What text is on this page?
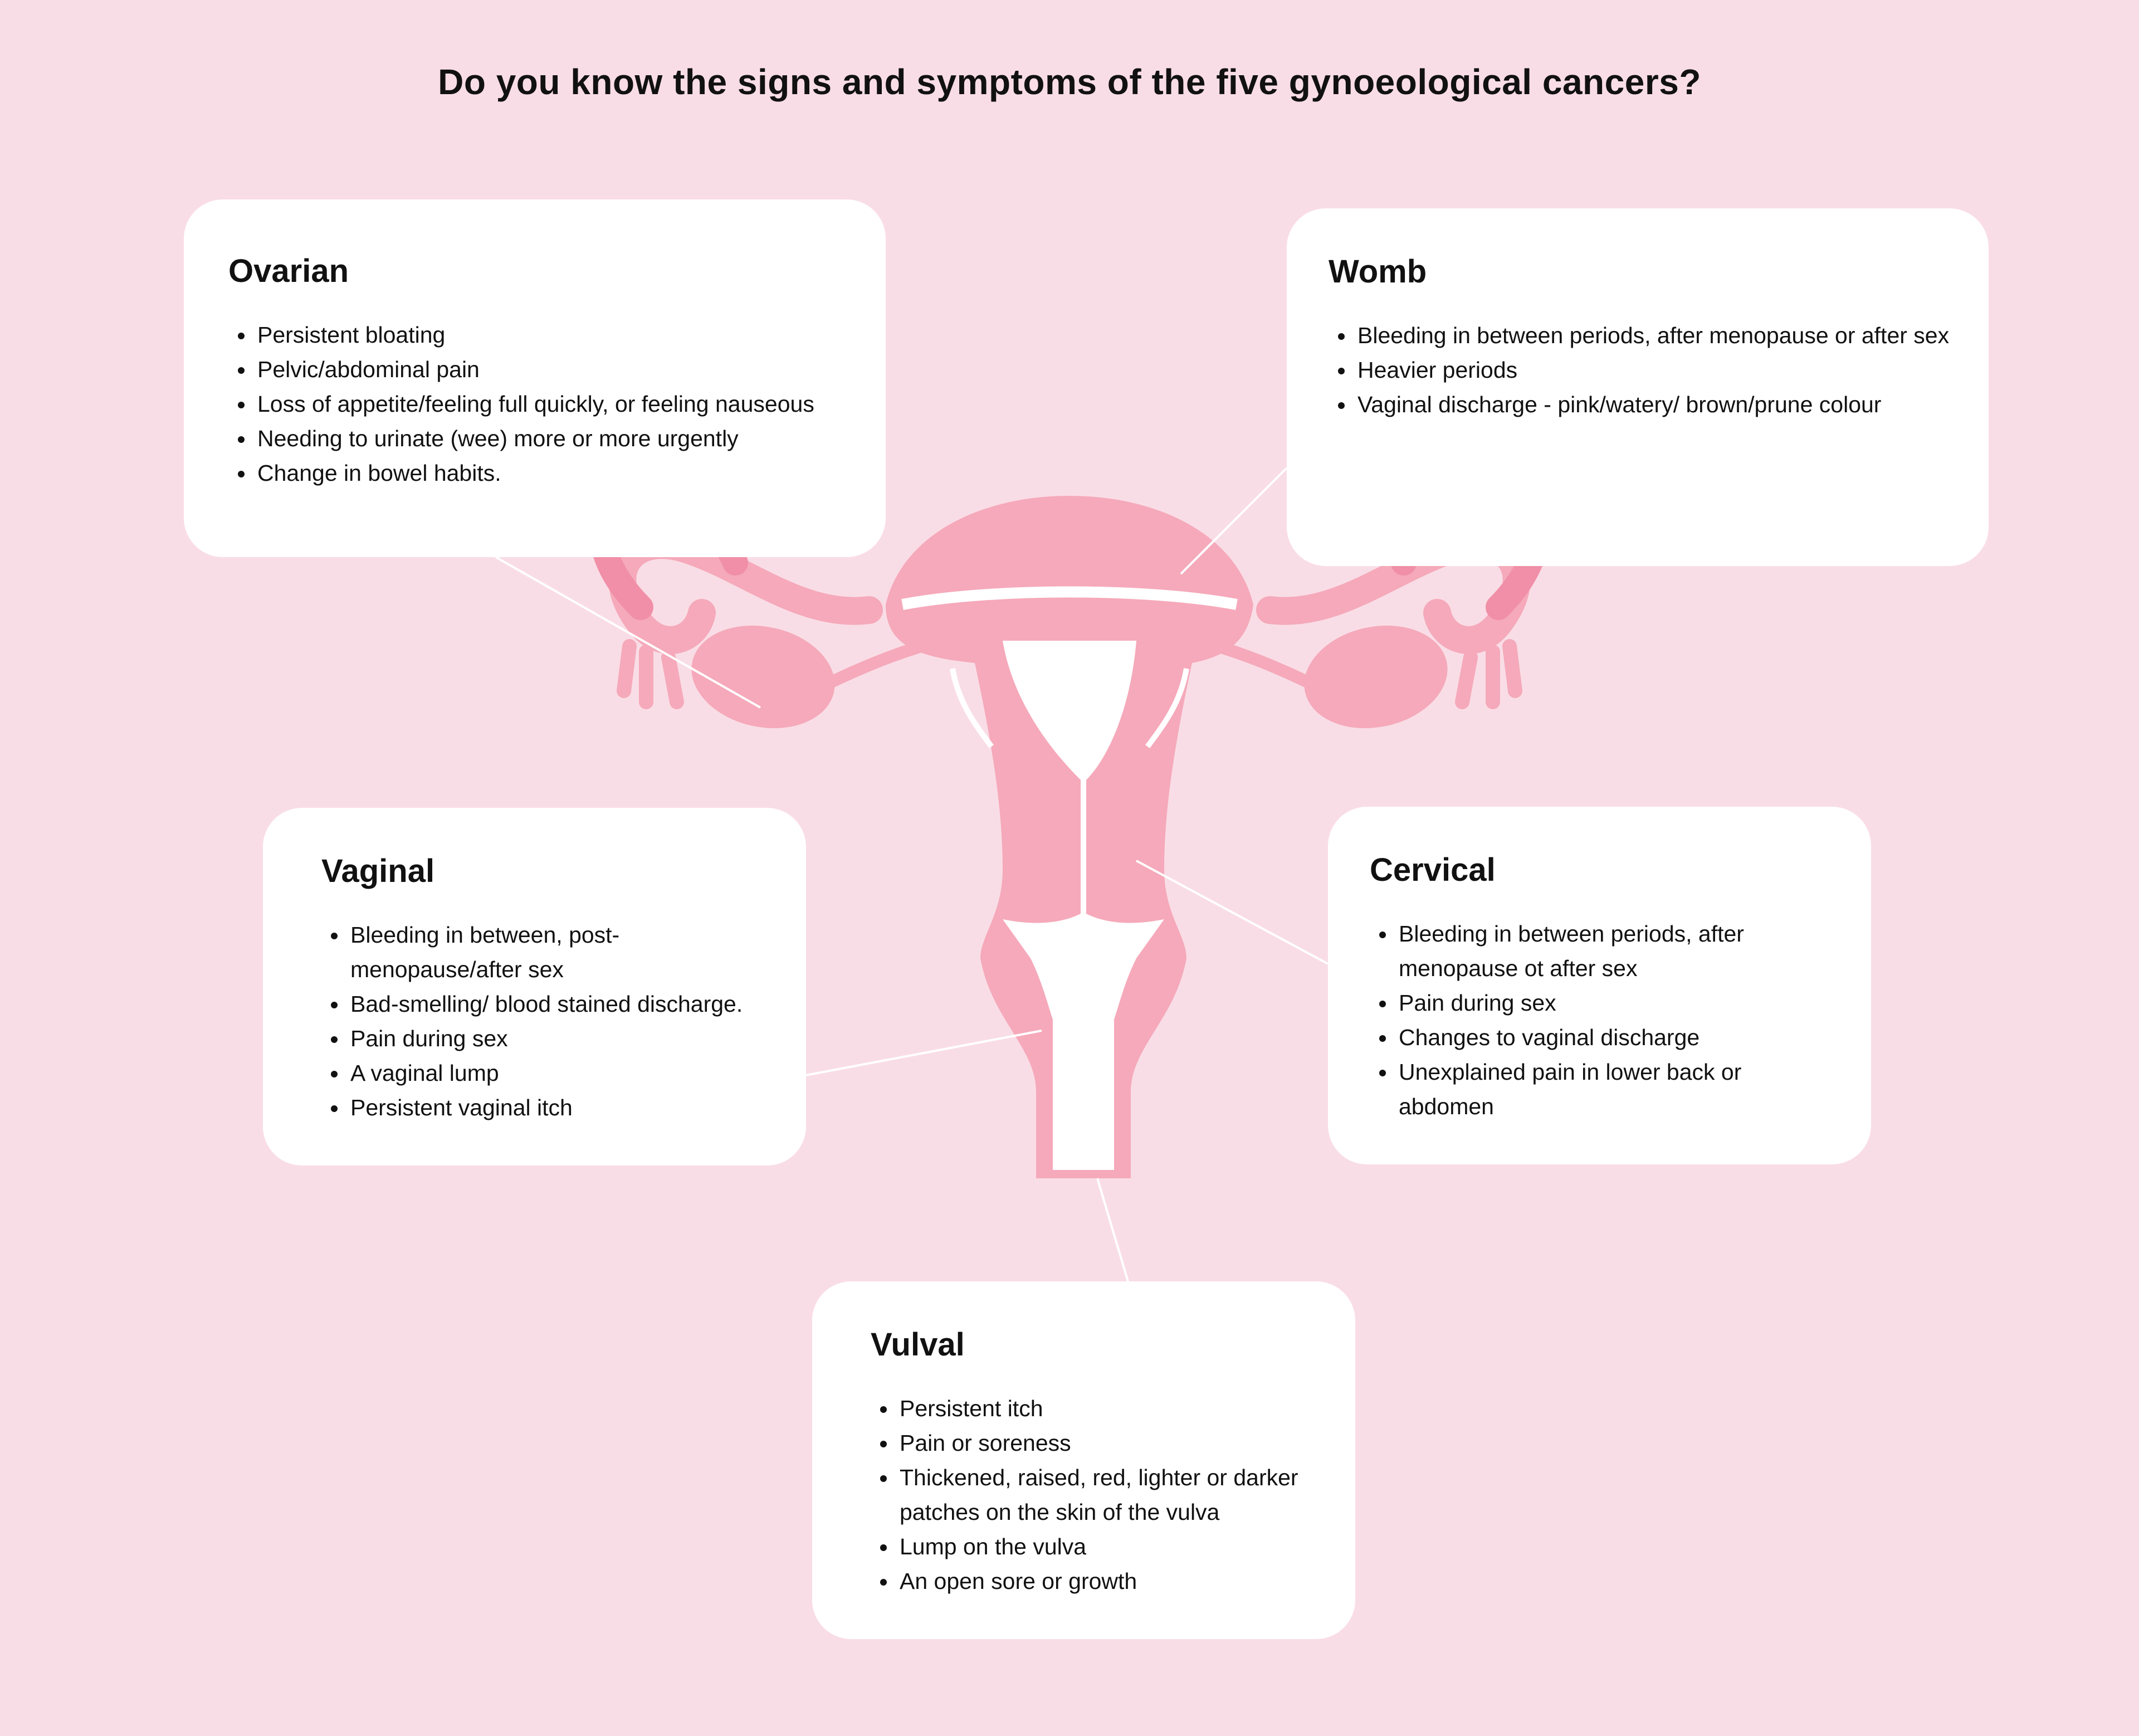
Do you know the signs and symptoms of the five gynoeological cancers?
Ovarian
• Persistent bloating
• Pelvic/abdominal pain
• Loss of appetite/feeling full quickly, or feeling nauseous
• Needing to urinate (wee) more or more urgently
• Change in bowel habits.
Womb
• Bleeding in between periods, after menopause or after sex
• Heavier periods
• Vaginal discharge - pink/watery/ brown/prune colour
Vaginal
• Bleeding in between, post-menopause/after sex
• Bad-smelling/ blood stained discharge.
• Pain during sex
• A vaginal lump
• Persistent vaginal itch
Cervical
• Bleeding in between periods, after menopause ot after sex
• Pain during sex
• Changes to vaginal discharge
• Unexplained pain in lower back or abdomen
Vulval
• Persistent itch
• Pain or soreness
• Thickened, raised, red, lighter or darker patches on the skin of the vulva
• Lump on the vulva
• An open sore or growth
